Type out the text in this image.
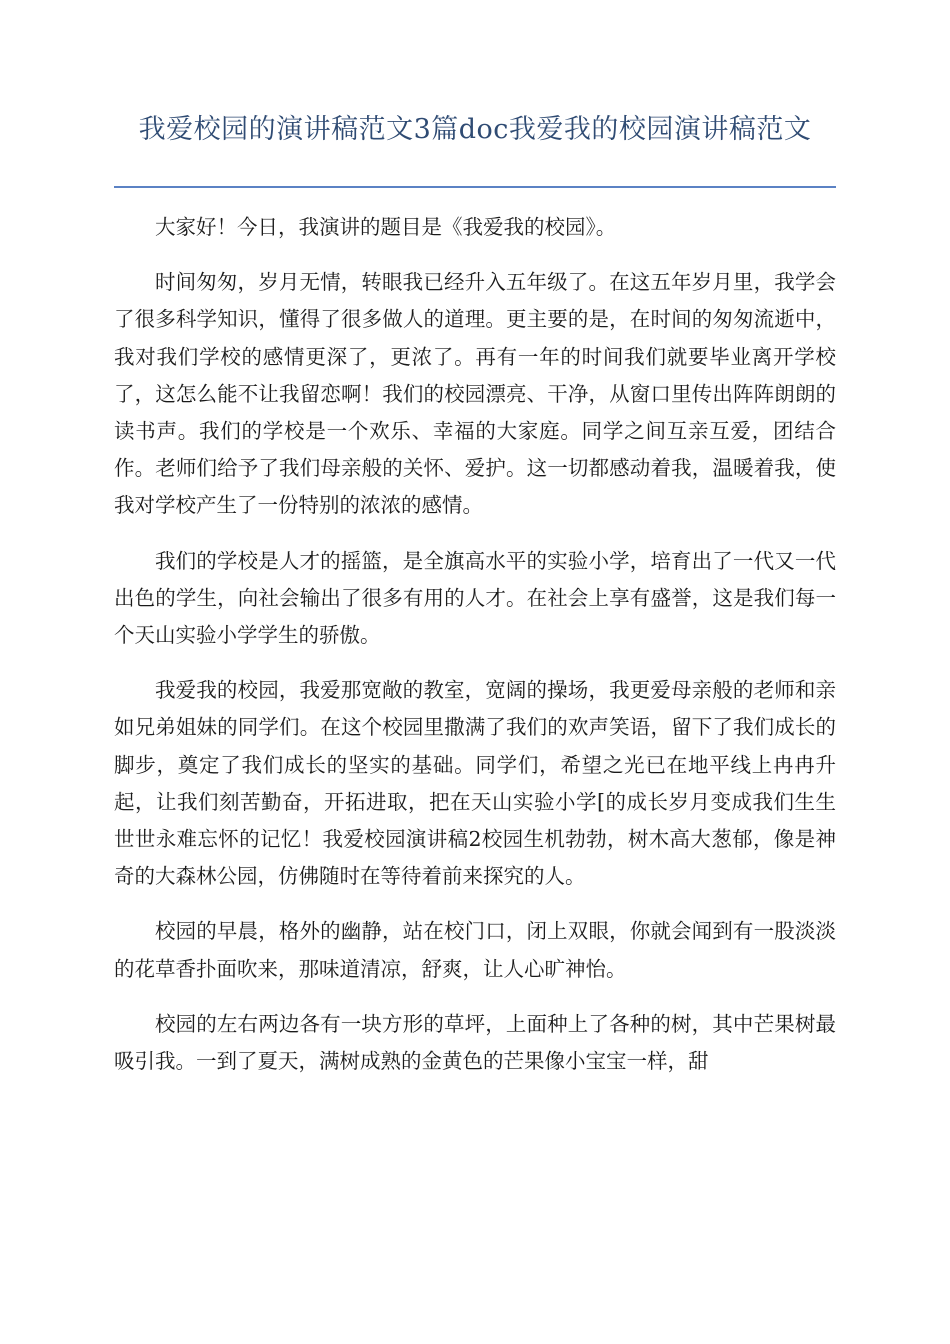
我爱校园的演讲稿范文3篇doc我爱我的校园演讲稿范文

大家好！今日，我演讲的题目是《我爱我的校园》。

时间匆匆，岁月无情，转眼我已经升入五年级了。在这五年岁月里，我学会了很多科学知识，懂得了很多做人的道理。更主要的是，在时间的匆匆流逝中，我对我们学校的感情更深了，更浓了。再有一年的时间我们就要毕业离开学校了，这怎么能不让我留恋啊！我们的校园漂亮、干净，从窗口里传出阵阵朗朗的读书声。我们的学校是一个欢乐、幸福的大家庭。同学之间互亲互爱，团结合作。老师们给予了我们母亲般的关怀、爱护。这一切都感动着我，温暖着我，使我对学校产生了一份特别的浓浓的感情。

我们的学校是人才的摇篮，是全旗高水平的实验小学，培育出了一代又一代出色的学生，向社会输出了很多有用的人才。在社会上享有盛誉，这是我们每一个天山实验小学学生的骄傲。

我爱我的校园，我爱那宽敞的教室，宽阔的操场，我更爱母亲般的老师和亲如兄弟姐妹的同学们。在这个校园里撒满了我们的欢声笑语，留下了我们成长的脚步，奠定了我们成长的坚实的基础。同学们，希望之光已在地平线上冉冉升起，让我们刻苦勤奋，开拓进取，把在天山实验小学[的成长岁月变成我们生生世世永难忘怀的记忆！我爱校园演讲稿2校园生机勃勃，树木高大葱郁，像是神奇的大森林公园，仿佛随时在等待着前来探究的人。

校园的早晨，格外的幽静，站在校门口，闭上双眼，你就会闻到有一股淡淡的花草香扑面吹来，那味道清凉，舒爽，让人心旷神怡。

校园的左右两边各有一块方形的草坪，上面种上了各种的树，其中芒果树最吸引我。一到了夏天，满树成熟的金黄色的芒果像小宝宝一样，甜
